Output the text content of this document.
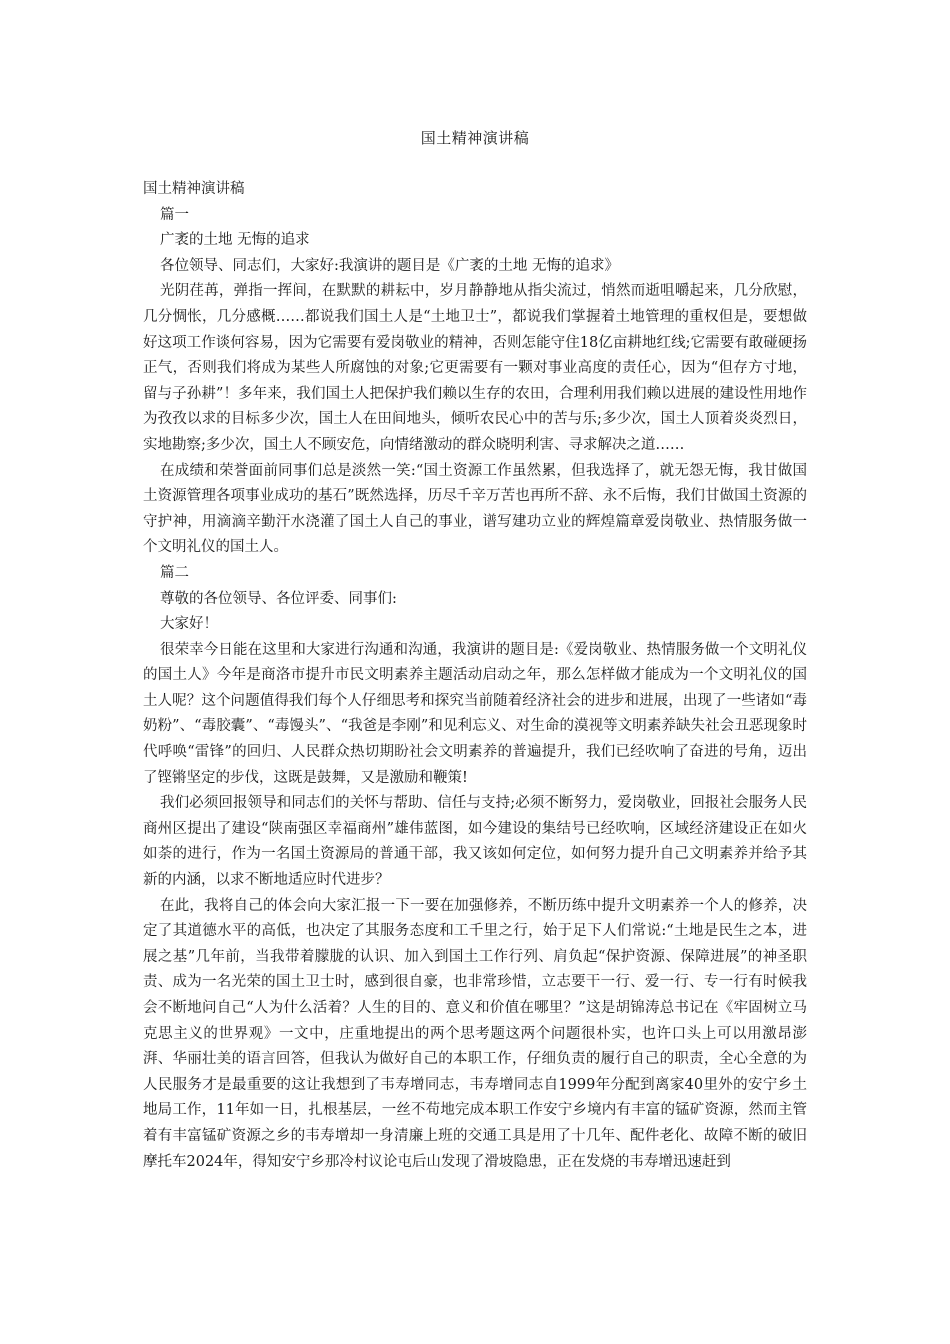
国土精神演讲稿

国土精神演讲稿

篇一

广袤的土地 无悔的追求

各位领导、同志们，大家好:我演讲的题目是《广袤的土地 无悔的追求》

光阴荏苒，弹指一挥间，在默默的耕耘中，岁月静静地从指尖流过，悄然而逝咀嚼起来，几分欣慰，几分惆怅，几分感概……都说我们国土人是“土地卫士”，都说我们掌握着土地管理的重权但是，要想做好这项工作谈何容易，因为它需要有爱岗敬业的精神，否则怎能守住18亿亩耕地红线;它需要有敢碰硬扬正气，否则我们将成为某些人所腐蚀的对象;它更需要有一颗对事业高度的责任心，因为“但存方寸地，留与子孙耕”！多年来，我们国土人把保护我们赖以生存的农田，合理利用我们赖以进展的建设性用地作为孜孜以求的目标多少次，国土人在田间地头，倾听农民心中的苦与乐;多少次，国土人顶着炎炎烈日，实地勘察;多少次，国土人不顾安危，向情绪激动的群众晓明利害、寻求解决之道……

在成绩和荣誉面前同事们总是淡然一笑:“国土资源工作虽然累，但我选择了，就无怨无悔，我甘做国土资源管理各项事业成功的基石”既然选择，历尽千辛万苦也再所不辞、永不后悔，我们甘做国土资源的守护神，用滴滴辛勤汗水浇灌了国土人自己的事业，谱写建功立业的辉煌篇章爱岗敬业、热情服务做一个文明礼仪的国土人。

篇二

尊敬的各位领导、各位评委、同事们:

大家好！

很荣幸今日能在这里和大家进行沟通和沟通，我演讲的题目是:《爱岗敬业、热情服务做一个文明礼仪的国土人》今年是商洛市提升市民文明素养主题活动启动之年，那么怎样做才能成为一个文明礼仪的国土人呢？这个问题值得我们每个人仔细思考和探究当前随着经济社会的进步和进展，出现了一些诸如“毒奶粉”、“毒胶囊”、“毒馒头”、“我爸是李刚”和见利忘义、对生命的漠视等文明素养缺失社会丑恶现象时代呼唤“雷锋”的回归、人民群众热切期盼社会文明素养的普遍提升，我们已经吹响了奋进的号角，迈出了铿锵坚定的步伐，这既是鼓舞，又是激励和鞭策!

我们必须回报领导和同志们的关怀与帮助、信任与支持;必须不断努力，爱岗敬业，回报社会服务人民商州区提出了建设“陕南强区幸福商州”雄伟蓝图，如今建设的集结号已经吹响，区域经济建设正在如火如荼的进行，作为一名国土资源局的普通干部，我又该如何定位，如何努力提升自己文明素养并给予其新的内涵，以求不断地适应时代进步？

在此，我将自己的体会向大家汇报一下一要在加强修养，不断历练中提升文明素养一个人的修养，决定了其道德水平的高低，也决定了其服务态度和工千里之行，始于足下人们常说:“土地是民生之本，进展之基”几年前，当我带着朦胧的认识、加入到国土工作行列、肩负起“保护资源、保障进展”的神圣职责、成为一名光荣的国土卫士时，感到很自豪，也非常珍惜，立志要干一行、爱一行、专一行有时候我会不断地问自己“人为什么活着？人生的目的、意义和价值在哪里？”这是胡锦涛总书记在《牢固树立马克思主义的世界观》一文中，庄重地提出的两个思考题这两个问题很朴实，也许口头上可以用激昂澎湃、华丽壮美的语言回答，但我认为做好自己的本职工作，仔细负责的履行自己的职责，全心全意的为人民服务才是最重要的这让我想到了韦寿增同志，韦寿增同志自1999年分配到离家40里外的安宁乡土地局工作，11年如一日，扎根基层，一丝不苟地完成本职工作安宁乡境内有丰富的锰矿资源，然而主管着有丰富锰矿资源之乡的韦寿增却一身清廉上班的交通工具是用了十几年、配件老化、故障不断的破旧摩托车2024年，得知安宁乡那冷村议论屯后山发现了滑坡隐患，正在发烧的韦寿增迅速赶到
